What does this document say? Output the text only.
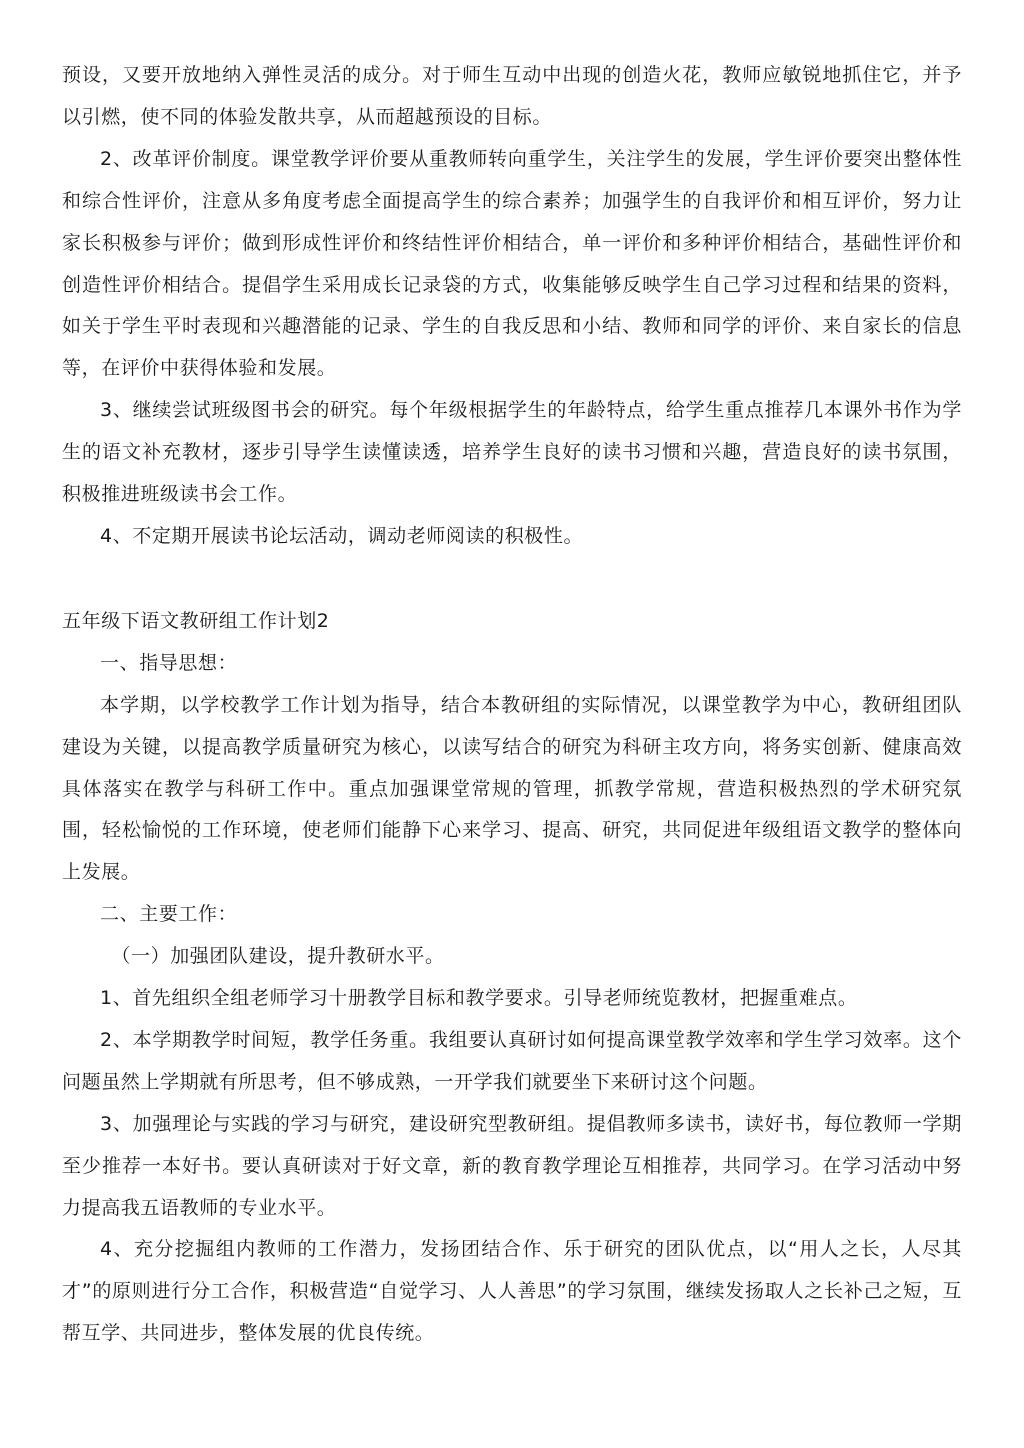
预设，又要开放地纳入弹性灵活的成分。对于师生互动中出现的创造火花，教师应敏锐地抓住它，并予以引燃，使不同的体验发散共享，从而超越预设的目标。

2、改革评价制度。课堂教学评价要从重教师转向重学生，关注学生的发展，学生评价要突出整体性和综合性评价，注意从多角度考虑全面提高学生的综合素养；加强学生的自我评价和相互评价，努力让家长积极参与评价；做到形成性评价和终结性评价相结合，单一评价和多种评价相结合，基础性评价和创造性评价相结合。提倡学生采用成长记录袋的方式，收集能够反映学生自己学习过程和结果的资料，如关于学生平时表现和兴趣潜能的记录、学生的自我反思和小结、教师和同学的评价、来自家长的信息等，在评价中获得体验和发展。

3、继续尝试班级图书会的研究。每个年级根据学生的年龄特点，给学生重点推荐几本课外书作为学生的语文补充教材，逐步引导学生读懂读透，培养学生良好的读书习惯和兴趣，营造良好的读书氛围，积极推进班级读书会工作。

4、不定期开展读书论坛活动，调动老师阅读的积极性。

五年级下语文教研组工作计划2

一、指导思想：

本学期，以学校教学工作计划为指导，结合本教研组的实际情况，以课堂教学为中心，教研组团队建设为关键，以提高教学质量研究为核心，以读写结合的研究为科研主攻方向，将务实创新、健康高效具体落实在教学与科研工作中。重点加强课堂常规的管理，抓教学常规，营造积极热烈的学术研究氛围，轻松愉悦的工作环境，使老师们能静下心来学习、提高、研究，共同促进年级组语文教学的整体向上发展。

二、主要工作：

（一）加强团队建设，提升教研水平。

1、首先组织全组老师学习十册教学目标和教学要求。引导老师统览教材，把握重难点。

2、本学期教学时间短，教学任务重。我组要认真研讨如何提高课堂教学效率和学生学习效率。这个问题虽然上学期就有所思考，但不够成熟，一开学我们就要坐下来研讨这个问题。

3、加强理论与实践的学习与研究，建设研究型教研组。提倡教师多读书，读好书，每位教师一学期至少推荐一本好书。要认真研读对于好文章，新的教育教学理论互相推荐，共同学习。在学习活动中努力提高我五语教师的专业水平。

4、充分挖掘组内教师的工作潜力，发扬团结合作、乐于研究的团队优点，以“用人之长，人尽其才”的原则进行分工合作，积极营造“自觉学习、人人善思”的学习氛围，继续发扬取人之长补己之短，互帮互学、共同进步，整体发展的优良传统。
